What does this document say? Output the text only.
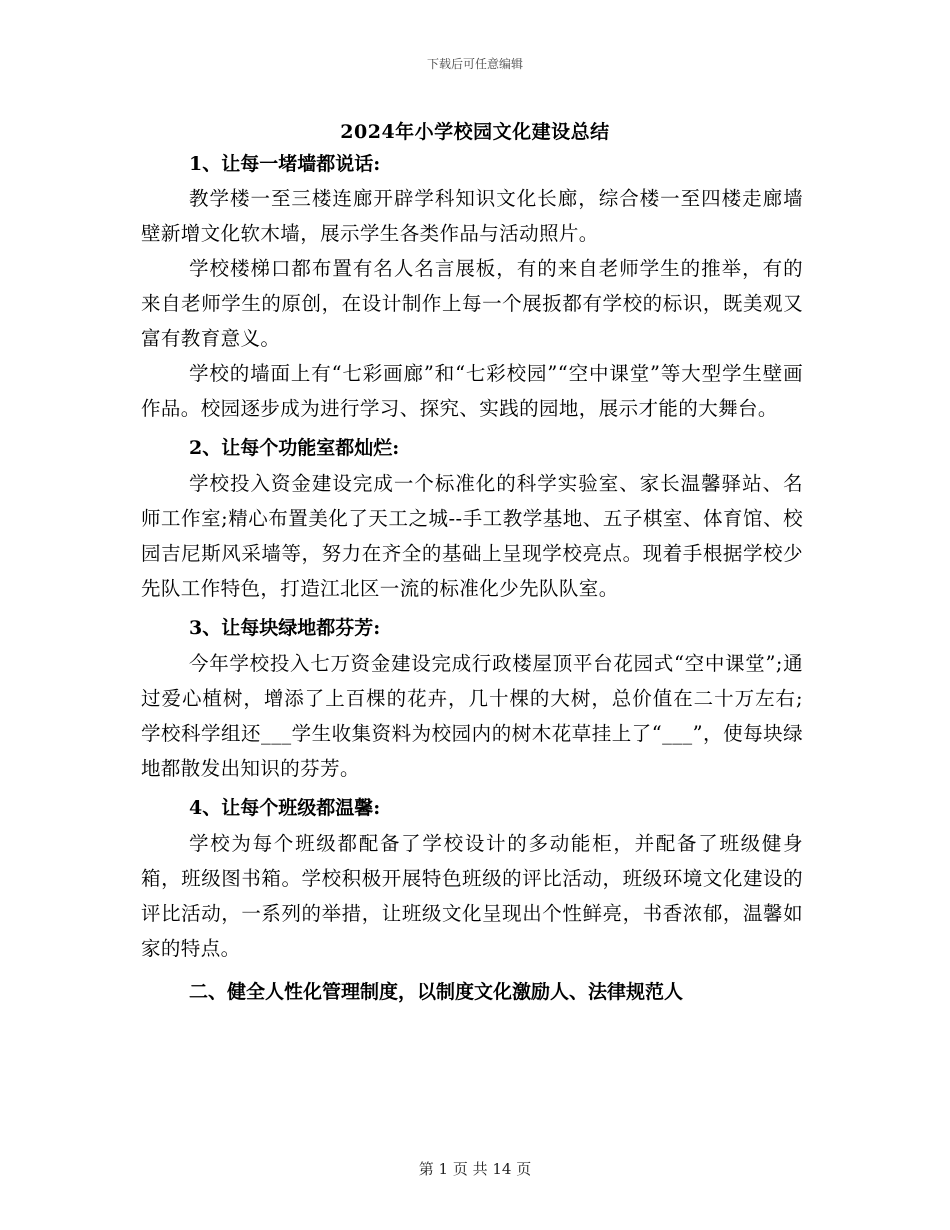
下载后可任意编辑
2024年小学校园文化建设总结
1、让每一堵墙都说话:

教学楼一至三楼连廊开辟学科知识文化长廊，综合楼一至四楼走廊墙壁新增文化软木墙，展示学生各类作品与活动照片。

学校楼梯口都布置有名人名言展板，有的来自老师学生的推举，有的来自老师学生的原创，在设计制作上每一个展扳都有学校的标识，既美观又富有教育意义。

学校的墙面上有“七彩画廊”和“七彩校园”“空中课堂”等大型学生壁画作品。校园逐步成为进行学习、探究、实践的园地，展示才能的大舞台。

2、让每个功能室都灿烂:

学校投入资金建设完成一个标准化的科学实验室、家长温馨驿站、名师工作室;精心布置美化了天工之城--手工教学基地、五子棋室、体育馆、校园吉尼斯风采墙等，努力在齐全的基础上呈现学校亮点。现着手根据学校少先队工作特色，打造江北区一流的标准化少先队队室。

3、让每块绿地都芬芳:

今年学校投入七万资金建设完成行政楼屋顶平台花园式“空中课堂”;通过爱心植树，增添了上百棵的花卉，几十棵的大树，总价值在二十万左右;学校科学组还___学生收集资料为校园内的树木花草挂上了“___”，使每块绿地都散发出知识的芬芳。

4、让每个班级都温馨:

学校为每个班级都配备了学校设计的多动能柜，并配备了班级健身箱，班级图书箱。学校积极开展特色班级的评比活动，班级环境文化建设的评比活动，一系列的举措，让班级文化呈现出个性鲜亮，书香浓郁，温馨如家的特点。

二、健全人性化管理制度，以制度文化激励人、法律规范人
第 1 页 共 14 页
